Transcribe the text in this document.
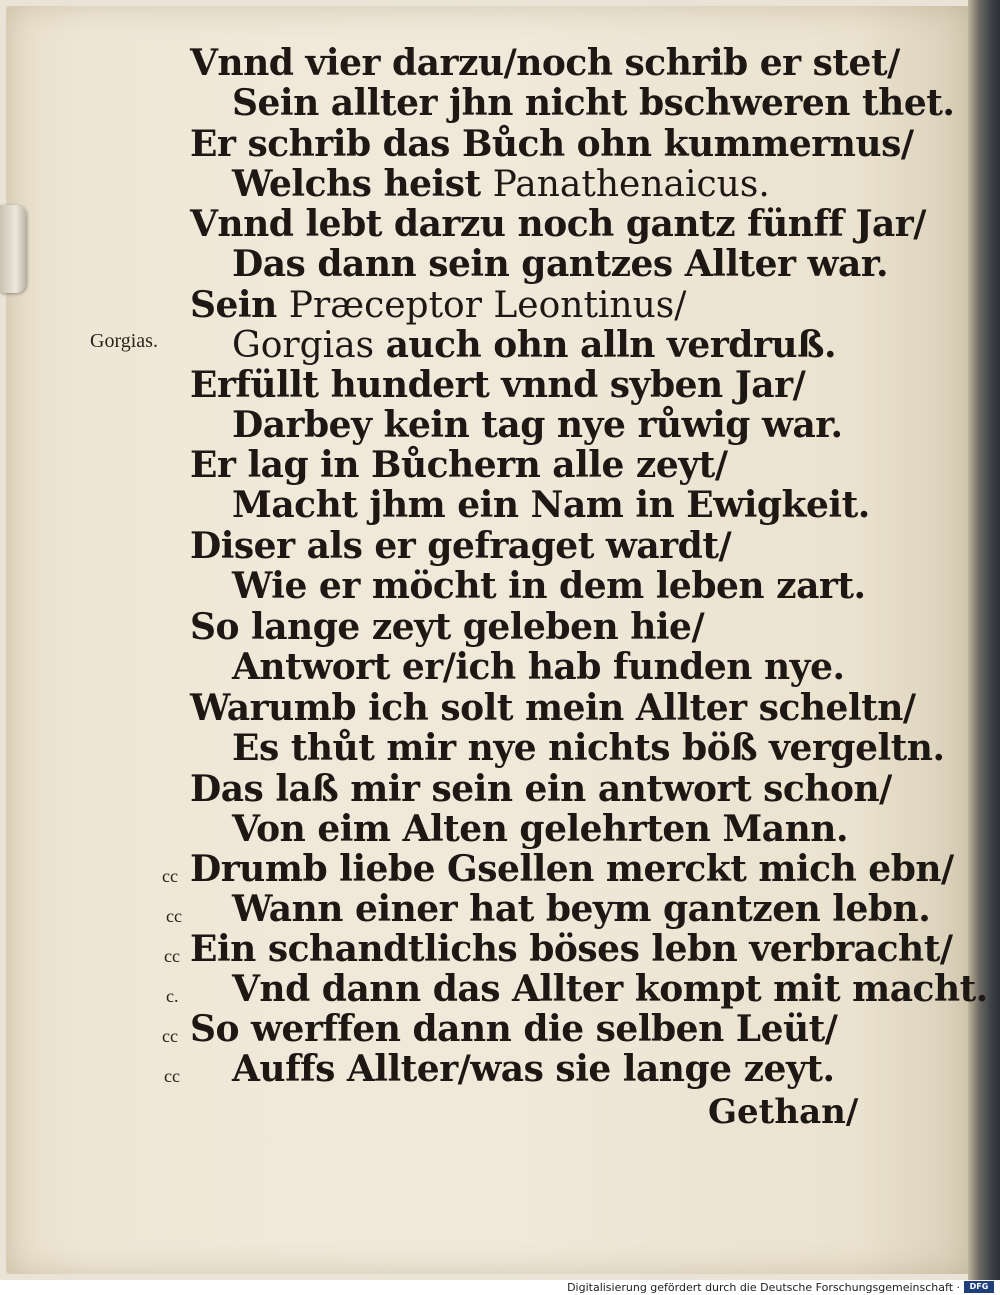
Vnnd vier darzu/noch schrib er stet/
Sein allter jhn nicht bschweren thet.
Er schrib das Bůch ohn kummernus/
Welchs heist Panathenaicus.
Vnnd lebt darzu noch gantz fünff Jar/
Das dann sein gantzes Allter war.
Sein Præceptor Leontinus/
Gorgias auch ohn alln verdruß.
Erfüllt hundert vnnd syben Jar/
Darbey kein tag nye růwig war.
Er lag in Bůchern alle zeyt/
Macht jhm ein Nam in Ewigkeit.
Diser als er gefraget wardt/
Wie er möcht in dem leben zart.
So lange zeyt geleben hie/
Antwort er/ich hab funden nye.
Warumb ich solt mein Allter scheltn/
Es thůt mir nye nichts böß vergeltn.
Das laß mir sein ein antwort schon/
Von eim Alten gelehrten Mann.
Drumb liebe Gsellen merckt mich ebn/
Wann einer hat beym gantzen lebn.
Ein schandtlichs böses lebn verbracht/
Vnd dann das Allter kompt mit macht.
So werffen dann die selben Leüt/
Auffs Allter/was sie lange zeyt.
Gorgias.
cc
cc
cc
c.
cc
cc
Gethan/
Digitalisierung gefördert durch die Deutsche Forschungsgemeinschaft ·	DFG
